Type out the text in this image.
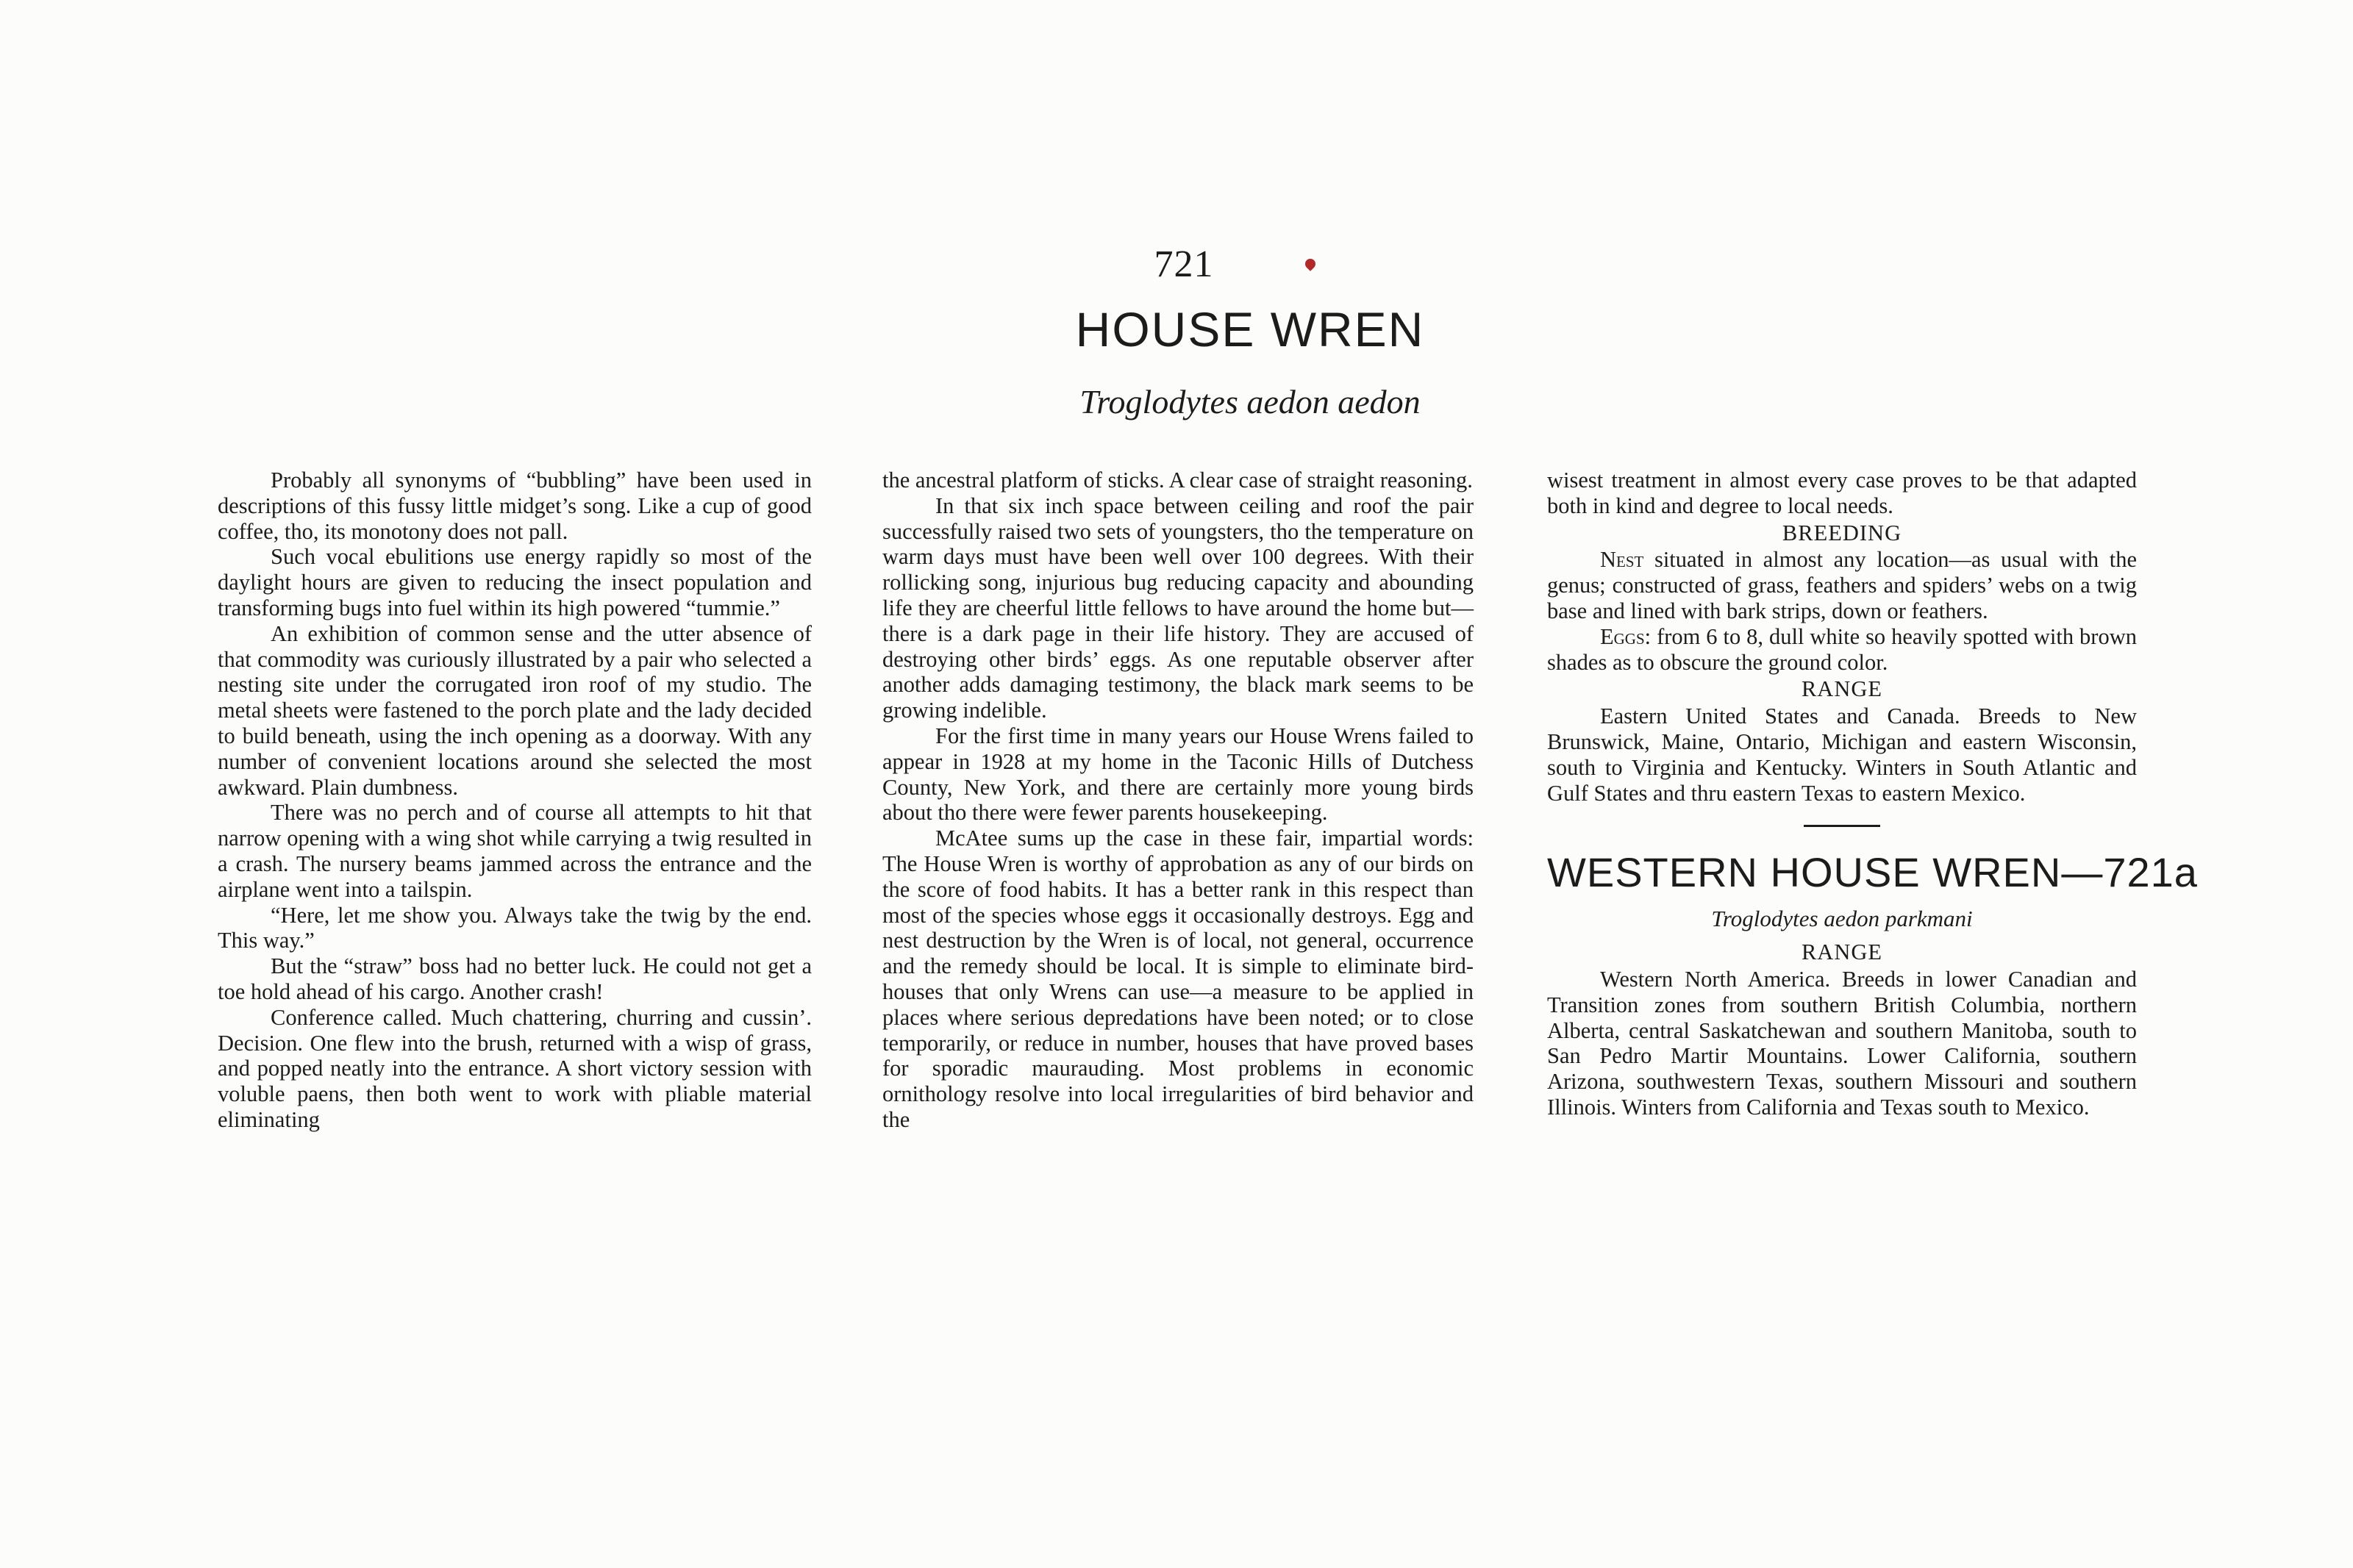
721
HOUSE WREN
Troglodytes aedon aedon

Probably all synonyms of “bubbling” have been used in descriptions of this fussy little midget’s song. Like a cup of good coffee, tho, its monotony does not pall.

Such vocal ebulitions use energy rapidly so most of the daylight hours are given to reducing the insect population and transforming bugs into fuel within its high powered “tummie.”

An exhibition of common sense and the utter absence of that commodity was curiously illustrated by a pair who selected a nesting site under the corrugated iron roof of my studio. The metal sheets were fastened to the porch plate and the lady decided to build beneath, using the inch opening as a doorway. With any number of convenient locations around she selected the most awkward. Plain dumbness.

There was no perch and of course all attempts to hit that narrow opening with a wing shot while carrying a twig resulted in a crash. The nursery beams jammed across the entrance and the airplane went into a tailspin.

“Here, let me show you. Always take the twig by the end. This way.”

But the “straw” boss had no better luck. He could not get a toe hold ahead of his cargo. Another crash!

Conference called. Much chattering, churring and cussin’. Decision. One flew into the brush, returned with a wisp of grass, and popped neatly into the entrance. A short victory session with voluble paens, then both went to work with pliable material eliminating

the ancestral platform of sticks. A clear case of straight reasoning.

In that six inch space between ceiling and roof the pair successfully raised two sets of youngsters, tho the temperature on warm days must have been well over 100 degrees. With their rollicking song, injurious bug reducing capacity and abounding life they are cheerful little fellows to have around the home but—there is a dark page in their life history. They are accused of destroying other birds’ eggs. As one reputable observer after another adds damaging testimony, the black mark seems to be growing indelible.

For the first time in many years our House Wrens failed to appear in 1928 at my home in the Taconic Hills of Dutchess County, New York, and there are certainly more young birds about tho there were fewer parents housekeeping.

McAtee sums up the case in these fair, impartial words: The House Wren is worthy of approbation as any of our birds on the score of food habits. It has a better rank in this respect than most of the species whose eggs it occasionally destroys. Egg and nest destruction by the Wren is of local, not general, occurrence and the remedy should be local. It is simple to eliminate bird-houses that only Wrens can use—a measure to be applied in places where serious depredations have been noted; or to close temporarily, or reduce in number, houses that have proved bases for sporadic maurauding. Most problems in economic ornithology resolve into local irregularities of bird behavior and the

wisest treatment in almost every case proves to be that adapted both in kind and degree to local needs.

BREEDING

Nest situated in almost any location—as usual with the genus; constructed of grass, feathers and spiders’ webs on a twig base and lined with bark strips, down or feathers.

Eggs: from 6 to 8, dull white so heavily spotted with brown shades as to obscure the ground color.

RANGE

Eastern United States and Canada. Breeds to New Brunswick, Maine, Ontario, Michigan and eastern Wisconsin, south to Virginia and Kentucky. Winters in South Atlantic and Gulf States and thru eastern Texas to eastern Mexico.

WESTERN HOUSE WREN—721a
Troglodytes aedon parkmani
RANGE

Western North America. Breeds in lower Canadian and Transition zones from southern British Columbia, northern Alberta, central Saskatchewan and southern Manitoba, south to San Pedro Martir Mountains. Lower California, southern Arizona, southwestern Texas, southern Missouri and southern Illinois. Winters from California and Texas south to Mexico.
